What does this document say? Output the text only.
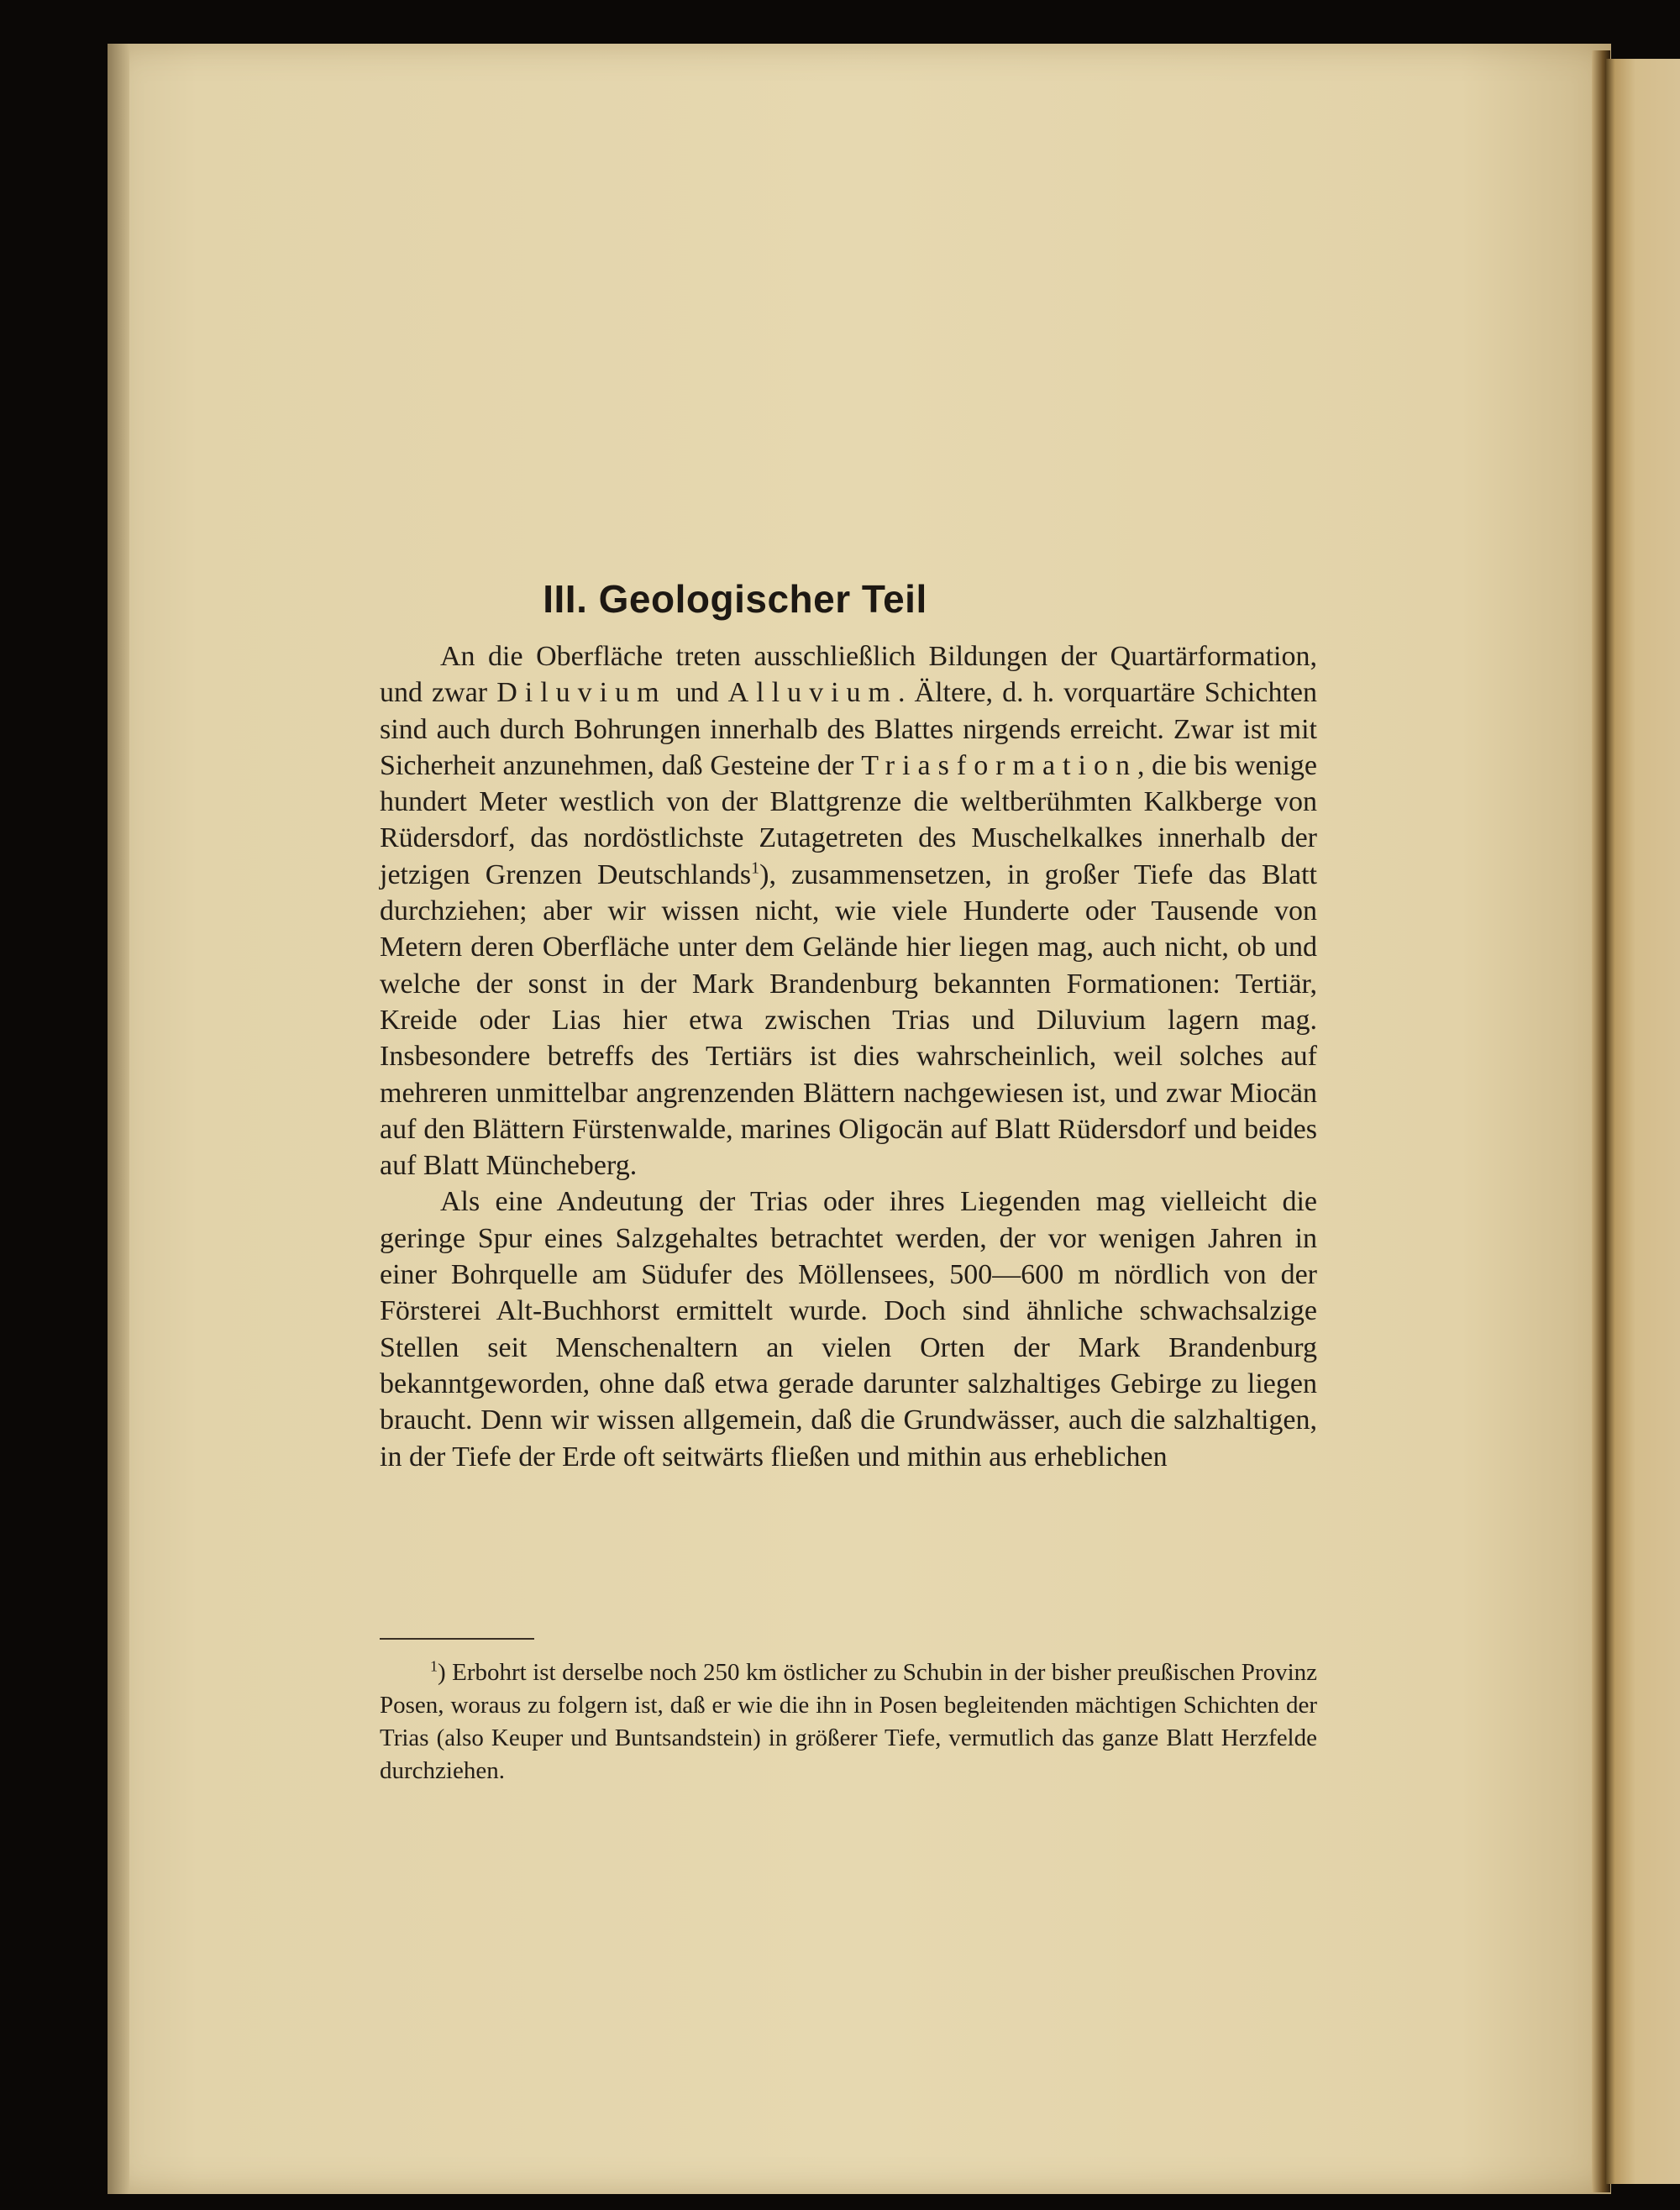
III. Geologischer Teil

An die Oberfläche treten ausschließlich Bildungen der Quartärformation, und zwar Diluvium und Alluvium. Ältere, d. h. vorquartäre Schichten sind auch durch Bohrungen innerhalb des Blattes nirgends erreicht. Zwar ist mit Sicherheit anzunehmen, daß Gesteine der Triasformation, die bis wenige hundert Meter westlich von der Blattgrenze die weltberühmten Kalkberge von Rüdersdorf, das nordöstlichste Zutagetreten des Muschelkalkes innerhalb der jetzigen Grenzen Deutschlands$^1$), zusammensetzen, in großer Tiefe das Blatt durchziehen; aber wir wissen nicht, wie viele Hunderte oder Tausende von Metern deren Oberfläche unter dem Gelände hier liegen mag, auch nicht, ob und welche der sonst in der Mark Brandenburg bekannten Formationen: Tertiär, Kreide oder Lias hier etwa zwischen Trias und Diluvium lagern mag. Insbesondere betreffs des Tertiärs ist dies wahrscheinlich, weil solches auf mehreren unmittelbar angrenzenden Blättern nachgewiesen ist, und zwar Miocän auf den Blättern Fürstenwalde, marines Oligocän auf Blatt Rüdersdorf und beides auf Blatt Müncheberg.

Als eine Andeutung der Trias oder ihres Liegenden mag vielleicht die geringe Spur eines Salzgehaltes betrachtet werden, der vor wenigen Jahren in einer Bohrquelle am Südufer des Möllensees, 500—600 m nördlich von der Försterei Alt-Buchhorst ermittelt wurde. Doch sind ähnliche schwachsalzige Stellen seit Menschenaltern an vielen Orten der Mark Brandenburg bekanntgeworden, ohne daß etwa gerade darunter salzhaltiges Gebirge zu liegen braucht. Denn wir wissen allgemein, daß die Grundwässer, auch die salzhaltigen, in der Tiefe der Erde oft seitwärts fließen und mithin aus erheblichen

$^1$) Erbohrt ist derselbe noch 250 km östlicher zu Schubin in der bisher preußischen Provinz Posen, woraus zu folgern ist, daß er wie die ihn in Posen begleitenden mächtigen Schichten der Trias (also Keuper und Buntsandstein) in größerer Tiefe, vermutlich das ganze Blatt Herzfelde durchziehen.
